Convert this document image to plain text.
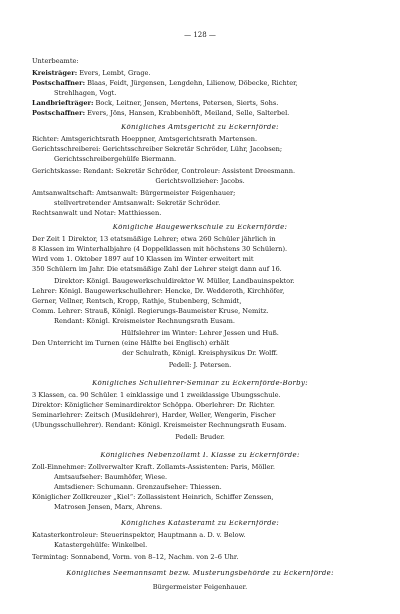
— 128 —
Unterbeamte:
Kreisträger: Evers, Lembt, Grage.
Postschaffner: Blaas, Feidt, Jürgensen, Lengdehn, Lilienow, Döbecke, Richter,
Strehlhagen, Vogt.
Landbriefträger: Bock, Leitner, Jensen, Mertens, Petersen, Sierts, Sohs.
Postschaffner: Evers, Jöns, Hansen, Krabbenhöft, Meiland, Selle, Salterbel.
Königliches Amtsgericht zu Eckernförde:
Richter: Amtsgerichtsrath Hoeppner, Amtsgerichtsrath Martensen.
Gerichtsschreiberei: Gerichtsschreiber Sekretär Schröder, Lühr, Jacobsen;
Gerichtsschreibergehülfe Biermann.
Gerichtskasse: Rendant: Sekretär Schröder, Controleur: Assistent Dreesmann.
Gerichtsvollzieher: Jacobs.
Amtsanwaltschaft: Amtsanwalt: Bürgermeister Feigenhauer;
stellvertretender Amtsanwalt: Sekretär Schröder.
Rechtsanwalt und Notar: Matthiessen.
Königliche Baugewerkschule zu Eckernförde:
Der Zeit 1 Direktor, 13 etatsmäßige Lehrer; etwa 260 Schüler jährlich in
8 Klassen im Winterhalbjahre (4 Doppelklassen mit höchstens 30 Schülern).
Wird vom 1. Oktober 1897 auf 10 Klassen im Winter erweitert mit
350 Schülern im Jahr. Die etatsmäßige Zahl der Lehrer steigt dann auf 16.
Direktor: Königl. Baugewerkschuldirektor W. Müller, Landbauinspektor.
Lehrer: Königl. Baugewerkschullehrer: Hencke, Dr. Wedderoth, Kirchhöfer,
Gerner, Vellner, Rentsch, Kropp, Rathje, Stubenberg, Schmidt,
Comm. Lehrer: Strauß, Königl. Regierungs-Baumeister Kruse, Nemitz.
Rendant: Königl. Kreismeister Rechnungsrath Eusam.
Hülfslehrer im Winter: Lehrer Jessen und Huß.
Den Unterricht im Turnen (eine Hälfte bei Englisch) erhält
der Schulrath, Königl. Kreisphysikus Dr. Wolff.
Pedell: J. Petersen.
Königliches Schullehrer-Seminar zu Eckernförde-Borby:
3 Klassen, ca. 90 Schüler. 1 einklassige und 1 zweiklassige Übungsschule.
Direktor: Königlicher Seminardirektor Schöppa. Oberlehrer: Dr. Richter.
Seminarlehrer: Zeitsch (Musiklehrer), Harder, Weller, Wengerin, Fischer
(Übungsschullehrer). Rendant: Königl. Kreismeister Rechnungsrath Eusam.
Pedell: Bruder.
Königliches Nebenzollamt I. Klasse zu Eckernförde:
Zoll-Einnehmer: Zollverwalter Kraft. Zollamts-Assistenten: Paris, Möller.
Amtsaufseher: Baumhöfer, Wiese.
Amtsdiener: Schumann. Grenzaufseher: Thiessen.
Königlicher Zollkreuzer „Kiel“: Zollassistent Heinrich, Schiffer Zenssen,
Matrosen Jensen, Marx, Ahrens.
Königliches Katasteramt zu Eckernförde:
Katasterkontroleur: Steuerinspektor, Hauptmann a. D. v. Below.
Katastergehülfe: Winkelbel.
Termintag: Sonnabend, Vorm. von 8–12, Nachm. von 2–6 Uhr.
Königliches Seemannsamt bezw. Musterungsbehörde zu Eckernförde:
Bürgermeister Feigenhauer.
